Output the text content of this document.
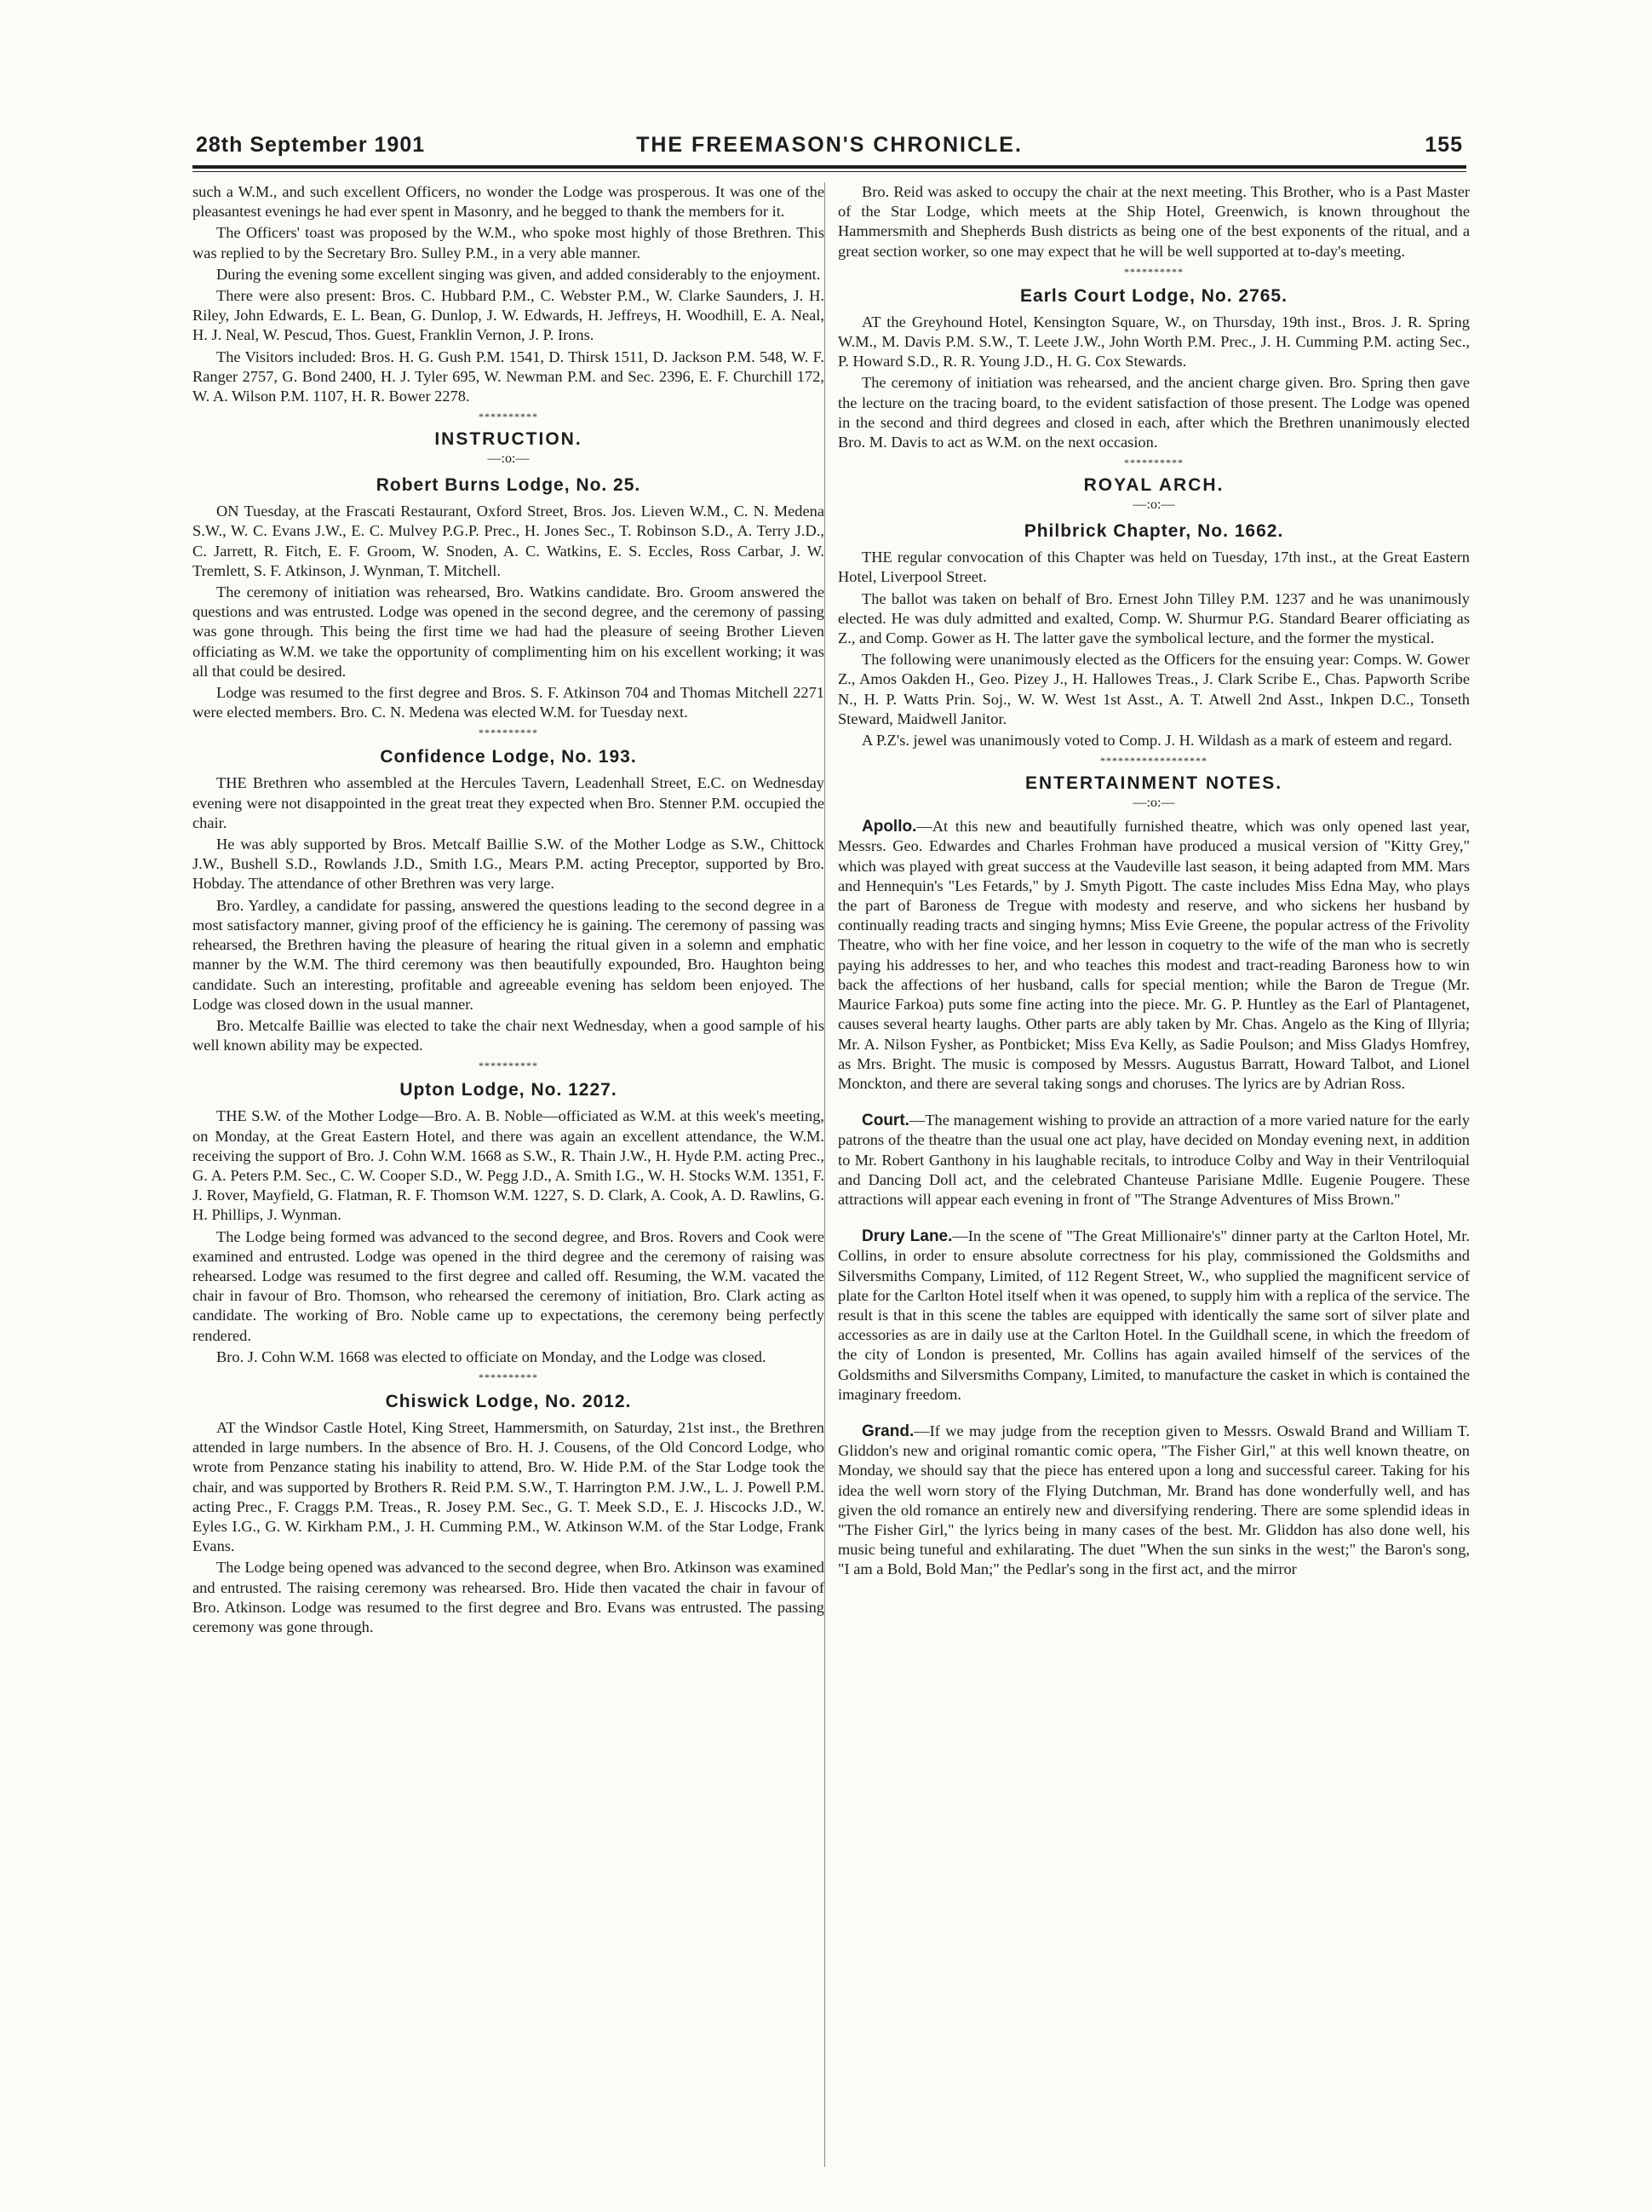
28th September 1901	THE FREEMASON'S CHRONICLE.	155

such a W.M., and such excellent Officers, no wonder the Lodge was prosperous. It was one of the pleasantest evenings he had ever spent in Masonry, and he begged to thank the members for it.

The Officers' toast was proposed by the W.M., who spoke most highly of those Brethren. This was replied to by the Secretary Bro. Sulley P.M., in a very able manner.

During the evening some excellent singing was given, and added considerably to the enjoyment.

There were also present: Bros. C. Hubbard P.M., C. Webster P.M., W. Clarke Saunders, J. H. Riley, John Edwards, E. L. Bean, G. Dunlop, J. W. Edwards, H. Jeffreys, H. Woodhill, E. A. Neal, H. J. Neal, W. Pescud, Thos. Guest, Franklin Vernon, J. P. Irons.

The Visitors included: Bros. H. G. Gush P.M. 1541, D. Thirsk 1511, D. Jackson P.M. 548, W. F. Ranger 2757, G. Bond 2400, H. J. Tyler 695, W. Newman P.M. and Sec. 2396, E. F. Churchill 172, W. A. Wilson P.M. 1107, H. R. Bower 2278.

**********
INSTRUCTION.
—:o:—
Robert Burns Lodge, No. 25.

ON Tuesday, at the Frascati Restaurant, Oxford Street, Bros. Jos. Lieven W.M., C. N. Medena S.W., W. C. Evans J.W., E. C. Mulvey P.G.P. Prec., H. Jones Sec., T. Robinson S.D., A. Terry J.D., C. Jarrett, R. Fitch, E. F. Groom, W. Snoden, A. C. Watkins, E. S. Eccles, Ross Carbar, J. W. Tremlett, S. F. Atkinson, J. Wynman, T. Mitchell.

The ceremony of initiation was rehearsed, Bro. Watkins candidate. Bro. Groom answered the questions and was entrusted. Lodge was opened in the second degree, and the ceremony of passing was gone through. This being the first time we had had the pleasure of seeing Brother Lieven officiating as W.M. we take the opportunity of complimenting him on his excellent working; it was all that could be desired.

Lodge was resumed to the first degree and Bros. S. F. Atkinson 704 and Thomas Mitchell 2271 were elected members. Bro. C. N. Medena was elected W.M. for Tuesday next.

**********
Confidence Lodge, No. 193.

THE Brethren who assembled at the Hercules Tavern, Leadenhall Street, E.C. on Wednesday evening were not disappointed in the great treat they expected when Bro. Stenner P.M. occupied the chair.

He was ably supported by Bros. Metcalf Baillie S.W. of the Mother Lodge as S.W., Chittock J.W., Bushell S.D., Rowlands J.D., Smith I.G., Mears P.M. acting Preceptor, supported by Bro. Hobday. The attendance of other Brethren was very large.

Bro. Yardley, a candidate for passing, answered the questions leading to the second degree in a most satisfactory manner, giving proof of the efficiency he is gaining. The ceremony of passing was rehearsed, the Brethren having the pleasure of hearing the ritual given in a solemn and emphatic manner by the W.M. The third ceremony was then beautifully expounded, Bro. Haughton being candidate. Such an interesting, profitable and agreeable evening has seldom been enjoyed. The Lodge was closed down in the usual manner.

Bro. Metcalfe Baillie was elected to take the chair next Wednesday, when a good sample of his well known ability may be expected.

**********
Upton Lodge, No. 1227.

THE S.W. of the Mother Lodge—Bro. A. B. Noble—officiated as W.M. at this week's meeting, on Monday, at the Great Eastern Hotel, and there was again an excellent attendance, the W.M. receiving the support of Bro. J. Cohn W.M. 1668 as S.W., R. Thain J.W., H. Hyde P.M. acting Prec., G. A. Peters P.M. Sec., C. W. Cooper S.D., W. Pegg J.D., A. Smith I.G., W. H. Stocks W.M. 1351, F. J. Rover, Mayfield, G. Flatman, R. F. Thomson W.M. 1227, S. D. Clark, A. Cook, A. D. Rawlins, G. H. Phillips, J. Wynman.

The Lodge being formed was advanced to the second degree, and Bros. Rovers and Cook were examined and entrusted. Lodge was opened in the third degree and the ceremony of raising was rehearsed. Lodge was resumed to the first degree and called off. Resuming, the W.M. vacated the chair in favour of Bro. Thomson, who rehearsed the ceremony of initiation, Bro. Clark acting as candidate. The working of Bro. Noble came up to expectations, the ceremony being perfectly rendered.

Bro. J. Cohn W.M. 1668 was elected to officiate on Monday, and the Lodge was closed.

**********
Chiswick Lodge, No. 2012.

AT the Windsor Castle Hotel, King Street, Hammersmith, on Saturday, 21st inst., the Brethren attended in large numbers. In the absence of Bro. H. J. Cousens, of the Old Concord Lodge, who wrote from Penzance stating his inability to attend, Bro. W. Hide P.M. of the Star Lodge took the chair, and was supported by Brothers R. Reid P.M. S.W., T. Harrington P.M. J.W., L. J. Powell P.M. acting Prec., F. Craggs P.M. Treas., R. Josey P.M. Sec., G. T. Meek S.D., E. J. Hiscocks J.D., W. Eyles I.G., G. W. Kirkham P.M., J. H. Cumming P.M., W. Atkinson W.M. of the Star Lodge, Frank Evans.

The Lodge being opened was advanced to the second degree, when Bro. Atkinson was examined and entrusted. The raising ceremony was rehearsed. Bro. Hide then vacated the chair in favour of Bro. Atkinson. Lodge was resumed to the first degree and Bro. Evans was entrusted. The passing ceremony was gone through.

Bro. Reid was asked to occupy the chair at the next meeting. This Brother, who is a Past Master of the Star Lodge, which meets at the Ship Hotel, Greenwich, is known throughout the Hammersmith and Shepherds Bush districts as being one of the best exponents of the ritual, and a great section worker, so one may expect that he will be well supported at to-day's meeting.

**********
Earls Court Lodge, No. 2765.

AT the Greyhound Hotel, Kensington Square, W., on Thursday, 19th inst., Bros. J. R. Spring W.M., M. Davis P.M. S.W., T. Leete J.W., John Worth P.M. Prec., J. H. Cumming P.M. acting Sec., P. Howard S.D., R. R. Young J.D., H. G. Cox Stewards.

The ceremony of initiation was rehearsed, and the ancient charge given. Bro. Spring then gave the lecture on the tracing board, to the evident satisfaction of those present. The Lodge was opened in the second and third degrees and closed in each, after which the Brethren unanimously elected Bro. M. Davis to act as W.M. on the next occasion.

**********
ROYAL ARCH.
—:o:—
Philbrick Chapter, No. 1662.

THE regular convocation of this Chapter was held on Tuesday, 17th inst., at the Great Eastern Hotel, Liverpool Street.

The ballot was taken on behalf of Bro. Ernest John Tilley P.M. 1237 and he was unanimously elected. He was duly admitted and exalted, Comp. W. Shurmur P.G. Standard Bearer officiating as Z., and Comp. Gower as H. The latter gave the symbolical lecture, and the former the mystical.

The following were unanimously elected as the Officers for the ensuing year: Comps. W. Gower Z., Amos Oakden H., Geo. Pizey J., H. Hallowes Treas., J. Clark Scribe E., Chas. Papworth Scribe N., H. P. Watts Prin. Soj., W. W. West 1st Asst., A. T. Atwell 2nd Asst., Inkpen D.C., Tonseth Steward, Maidwell Janitor.

A P.Z's. jewel was unanimously voted to Comp. J. H. Wildash as a mark of esteem and regard.

******************
ENTERTAINMENT NOTES.
—:o:—

Apollo.—At this new and beautifully furnished theatre, which was only opened last year, Messrs. Geo. Edwardes and Charles Frohman have produced a musical version of "Kitty Grey," which was played with great success at the Vaudeville last season, it being adapted from MM. Mars and Hennequin's "Les Fetards," by J. Smyth Pigott. The caste includes Miss Edna May, who plays the part of Baroness de Tregue with modesty and reserve, and who sickens her husband by continually reading tracts and singing hymns; Miss Evie Greene, the popular actress of the Frivolity Theatre, who with her fine voice, and her lesson in coquetry to the wife of the man who is secretly paying his addresses to her, and who teaches this modest and tract-reading Baroness how to win back the affections of her husband, calls for special mention; while the Baron de Tregue (Mr. Maurice Farkoa) puts some fine acting into the piece. Mr. G. P. Huntley as the Earl of Plantagenet, causes several hearty laughs. Other parts are ably taken by Mr. Chas. Angelo as the King of Illyria; Mr. A. Nilson Fysher, as Pontbicket; Miss Eva Kelly, as Sadie Poulson; and Miss Gladys Homfrey, as Mrs. Bright. The music is composed by Messrs. Augustus Barratt, Howard Talbot, and Lionel Monckton, and there are several taking songs and choruses. The lyrics are by Adrian Ross.

Court.—The management wishing to provide an attraction of a more varied nature for the early patrons of the theatre than the usual one act play, have decided on Monday evening next, in addition to Mr. Robert Ganthony in his laughable recitals, to introduce Colby and Way in their Ventriloquial and Dancing Doll act, and the celebrated Chanteuse Parisiane Mdlle. Eugenie Pougere. These attractions will appear each evening in front of "The Strange Adventures of Miss Brown."

Drury Lane.—In the scene of "The Great Millionaire's" dinner party at the Carlton Hotel, Mr. Collins, in order to ensure absolute correctness for his play, commissioned the Goldsmiths and Silversmiths Company, Limited, of 112 Regent Street, W., who supplied the magnificent service of plate for the Carlton Hotel itself when it was opened, to supply him with a replica of the service. The result is that in this scene the tables are equipped with identically the same sort of silver plate and accessories as are in daily use at the Carlton Hotel. In the Guildhall scene, in which the freedom of the city of London is presented, Mr. Collins has again availed himself of the services of the Goldsmiths and Silversmiths Company, Limited, to manufacture the casket in which is contained the imaginary freedom.

Grand.—If we may judge from the reception given to Messrs. Oswald Brand and William T. Gliddon's new and original romantic comic opera, "The Fisher Girl," at this well known theatre, on Monday, we should say that the piece has entered upon a long and successful career. Taking for his idea the well worn story of the Flying Dutchman, Mr. Brand has done wonderfully well, and has given the old romance an entirely new and diversifying rendering. There are some splendid ideas in "The Fisher Girl," the lyrics being in many cases of the best. Mr. Gliddon has also done well, his music being tuneful and exhilarating. The duet "When the sun sinks in the west;" the Baron's song, "I am a Bold, Bold Man;" the Pedlar's song in the first act, and the mirror
